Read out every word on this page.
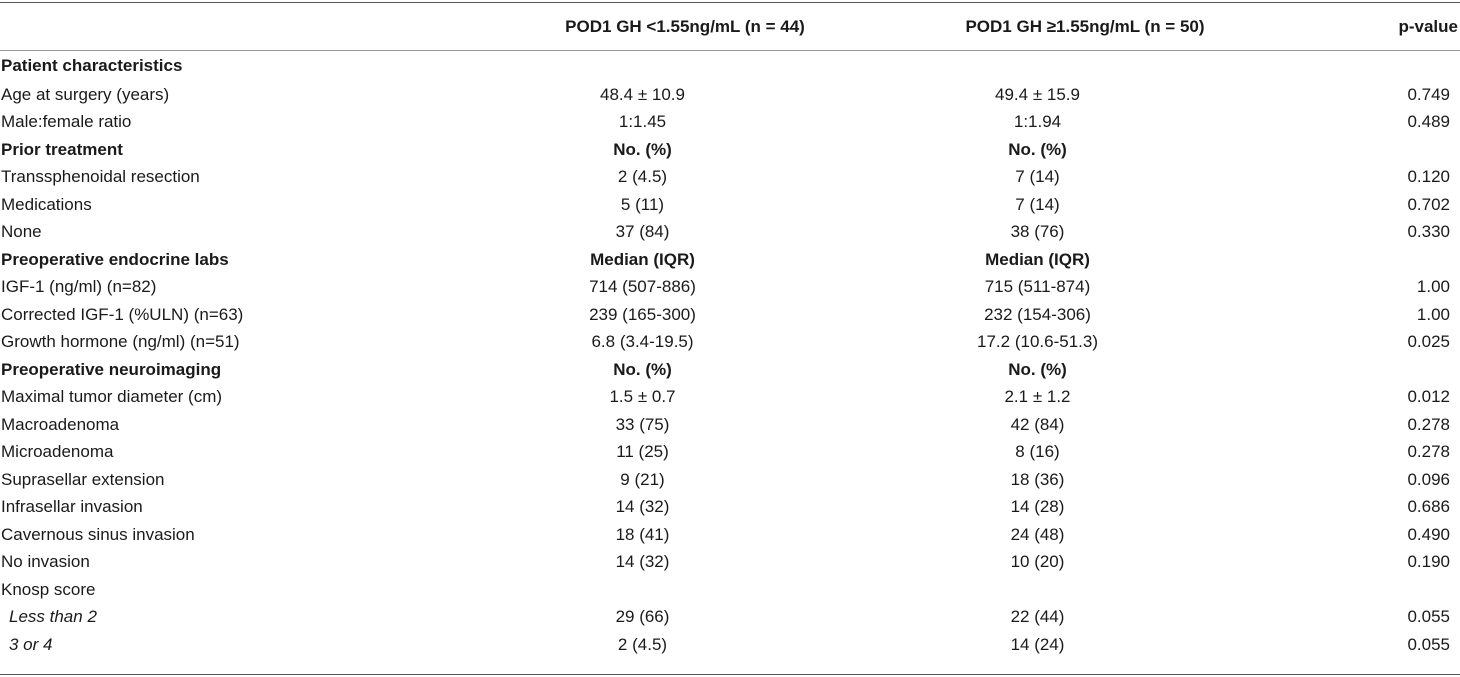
	POD1 GH <1.55ng/mL (n = 44)	POD1 GH ≥1.55ng/mL (n = 50)	p-value
Patient characteristics			
Age at surgery (years)	48.4 ± 10.9	49.4 ± 15.9	0.749
Male:female ratio	1:1.45	1:1.94	0.489
Prior treatment	No. (%)	No. (%)	
Transsphenoidal resection	2 (4.5)	7 (14)	0.120
Medications	5 (11)	7 (14)	0.702
None	37 (84)	38 (76)	0.330
Preoperative endocrine labs	Median (IQR)	Median (IQR)	
IGF-1 (ng/ml) (n=82)	714 (507-886)	715 (511-874)	1.00
Corrected IGF-1 (%ULN) (n=63)	239 (165-300)	232 (154-306)	1.00
Growth hormone (ng/ml) (n=51)	6.8 (3.4-19.5)	17.2 (10.6-51.3)	0.025
Preoperative neuroimaging	No. (%)	No. (%)	
Maximal tumor diameter (cm)	1.5 ± 0.7	2.1 ± 1.2	0.012
Macroadenoma	33 (75)	42 (84)	0.278
Microadenoma	11 (25)	8 (16)	0.278
Suprasellar extension	9 (21)	18 (36)	0.096
Infrasellar invasion	14 (32)	14 (28)	0.686
Cavernous sinus invasion	18 (41)	24 (48)	0.490
No invasion	14 (32)	10 (20)	0.190
Knosp score			
Less than 2	29 (66)	22 (44)	0.055
3 or 4	2 (4.5)	14 (24)	0.055
